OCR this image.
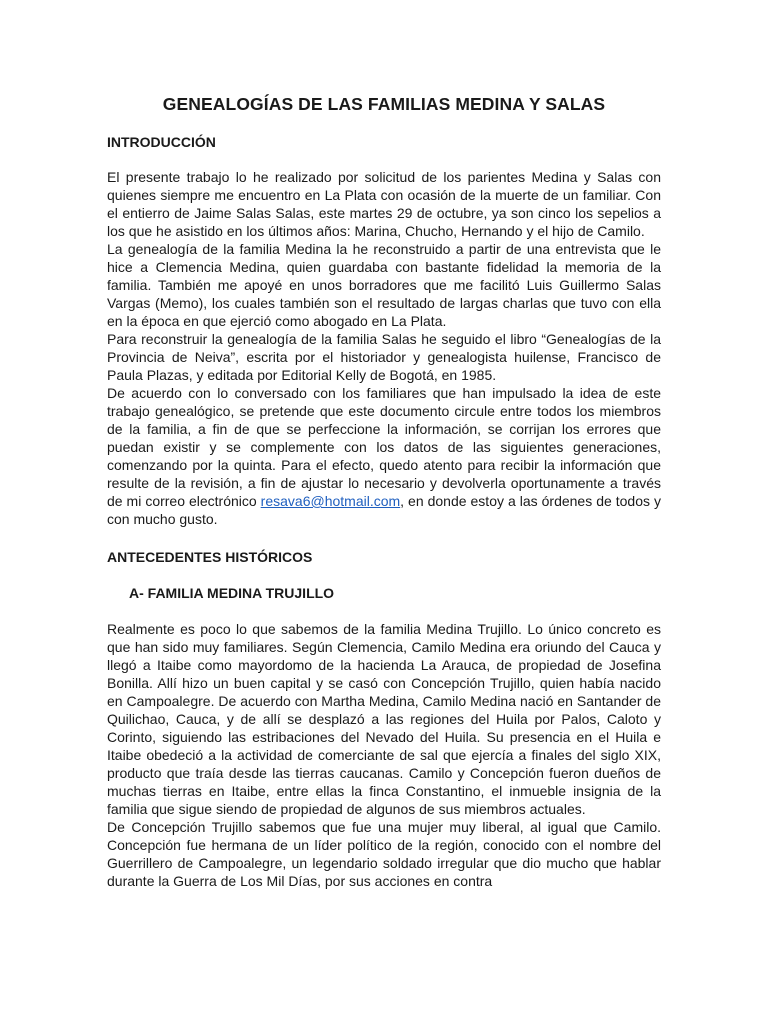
GENEALOGÍAS DE LAS FAMILIAS MEDINA Y SALAS
INTRODUCCIÓN

El presente trabajo lo he realizado por solicitud de los parientes Medina y Salas con quienes siempre me encuentro en La Plata con ocasión de la muerte de un familiar. Con el entierro de Jaime Salas Salas, este martes 29 de octubre, ya son cinco los sepelios a los que he asistido en los últimos años: Marina, Chucho, Hernando y el hijo de Camilo.

La genealogía de la familia Medina la he reconstruido a partir de una entrevista que le hice a Clemencia Medina, quien guardaba con bastante fidelidad la memoria de la familia. También me apoyé en unos borradores que me facilitó Luis Guillermo Salas Vargas (Memo), los cuales también son el resultado de largas charlas que tuvo con ella en la época en que ejerció como abogado en La Plata.

Para reconstruir la genealogía de la familia Salas he seguido el libro “Genealogías de la Provincia de Neiva”, escrita por el historiador y genealogista huilense, Francisco de Paula Plazas, y editada por Editorial Kelly de Bogotá, en 1985.

De acuerdo con lo conversado con los familiares que han impulsado la idea de este trabajo genealógico, se pretende que este documento circule entre todos los miembros de la familia, a fin de que se perfeccione la información, se corrijan los errores que puedan existir y se complemente con los datos de las siguientes generaciones, comenzando por la quinta. Para el efecto, quedo atento para recibir la información que resulte de la revisión, a fin de ajustar lo necesario y devolverla oportunamente a través de mi correo electrónico resava6@hotmail.com, en donde estoy a las órdenes de todos y con mucho gusto.

ANTECEDENTES HISTÓRICOS
A- FAMILIA MEDINA TRUJILLO

Realmente es poco lo que sabemos de la familia Medina Trujillo. Lo único concreto es que han sido muy familiares. Según Clemencia, Camilo Medina era oriundo del Cauca y llegó a Itaibe como mayordomo de la hacienda La Arauca, de propiedad de Josefina Bonilla. Allí hizo un buen capital y se casó con Concepción Trujillo, quien había nacido en Campoalegre. De acuerdo con Martha Medina, Camilo Medina nació en Santander de Quilichao, Cauca, y de allí se desplazó a las regiones del Huila por Palos, Caloto y Corinto, siguiendo las estribaciones del Nevado del Huila. Su presencia en el Huila e Itaibe obedeció a la actividad de comerciante de sal que ejercía a finales del siglo XIX, producto que traía desde las tierras caucanas. Camilo y Concepción fueron dueños de muchas tierras en Itaibe, entre ellas la finca Constantino, el inmueble insignia de la familia que sigue siendo de propiedad de algunos de sus miembros actuales.

De Concepción Trujillo sabemos que fue una mujer muy liberal, al igual que Camilo. Concepción fue hermana de un líder político de la región, conocido con el nombre del Guerrillero de Campoalegre, un legendario soldado irregular que dio mucho que hablar durante la Guerra de Los Mil Días, por sus acciones en contra
